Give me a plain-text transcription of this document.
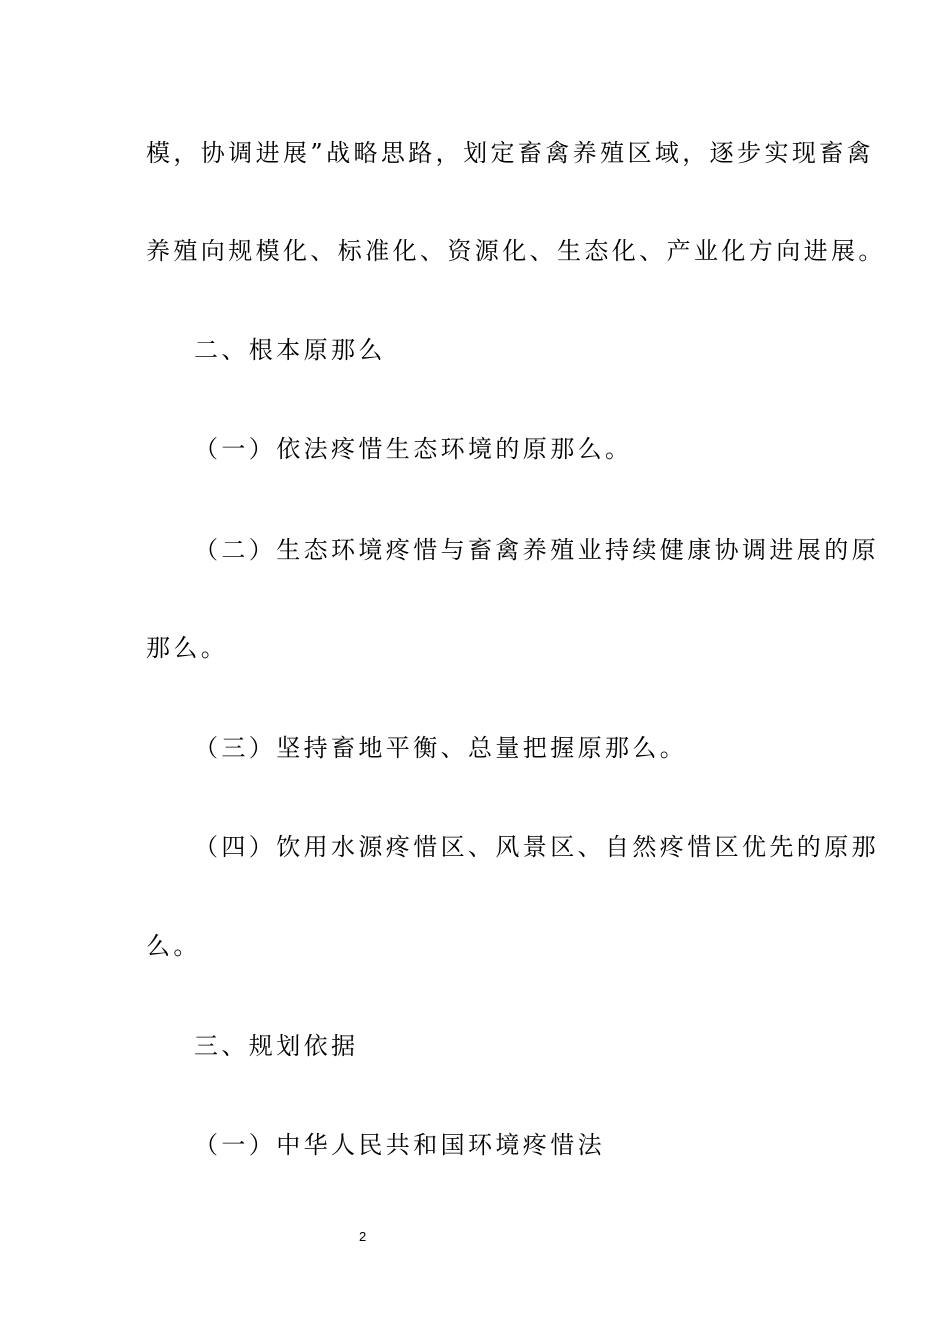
模，协调进展”战略思路，划定畜禽养殖区域，逐步实现畜禽
养殖向规模化、标准化、资源化、生态化、产业化方向进展。
二、根本原那么
（一）依法疼惜生态环境的原那么。
（二）生态环境疼惜与畜禽养殖业持续健康协调进展的原
那么。
（三）坚持畜地平衡、总量把握原那么。
（四）饮用水源疼惜区、风景区、自然疼惜区优先的原那
么。
三、规划依据
（一）中华人民共和国环境疼惜法
2
